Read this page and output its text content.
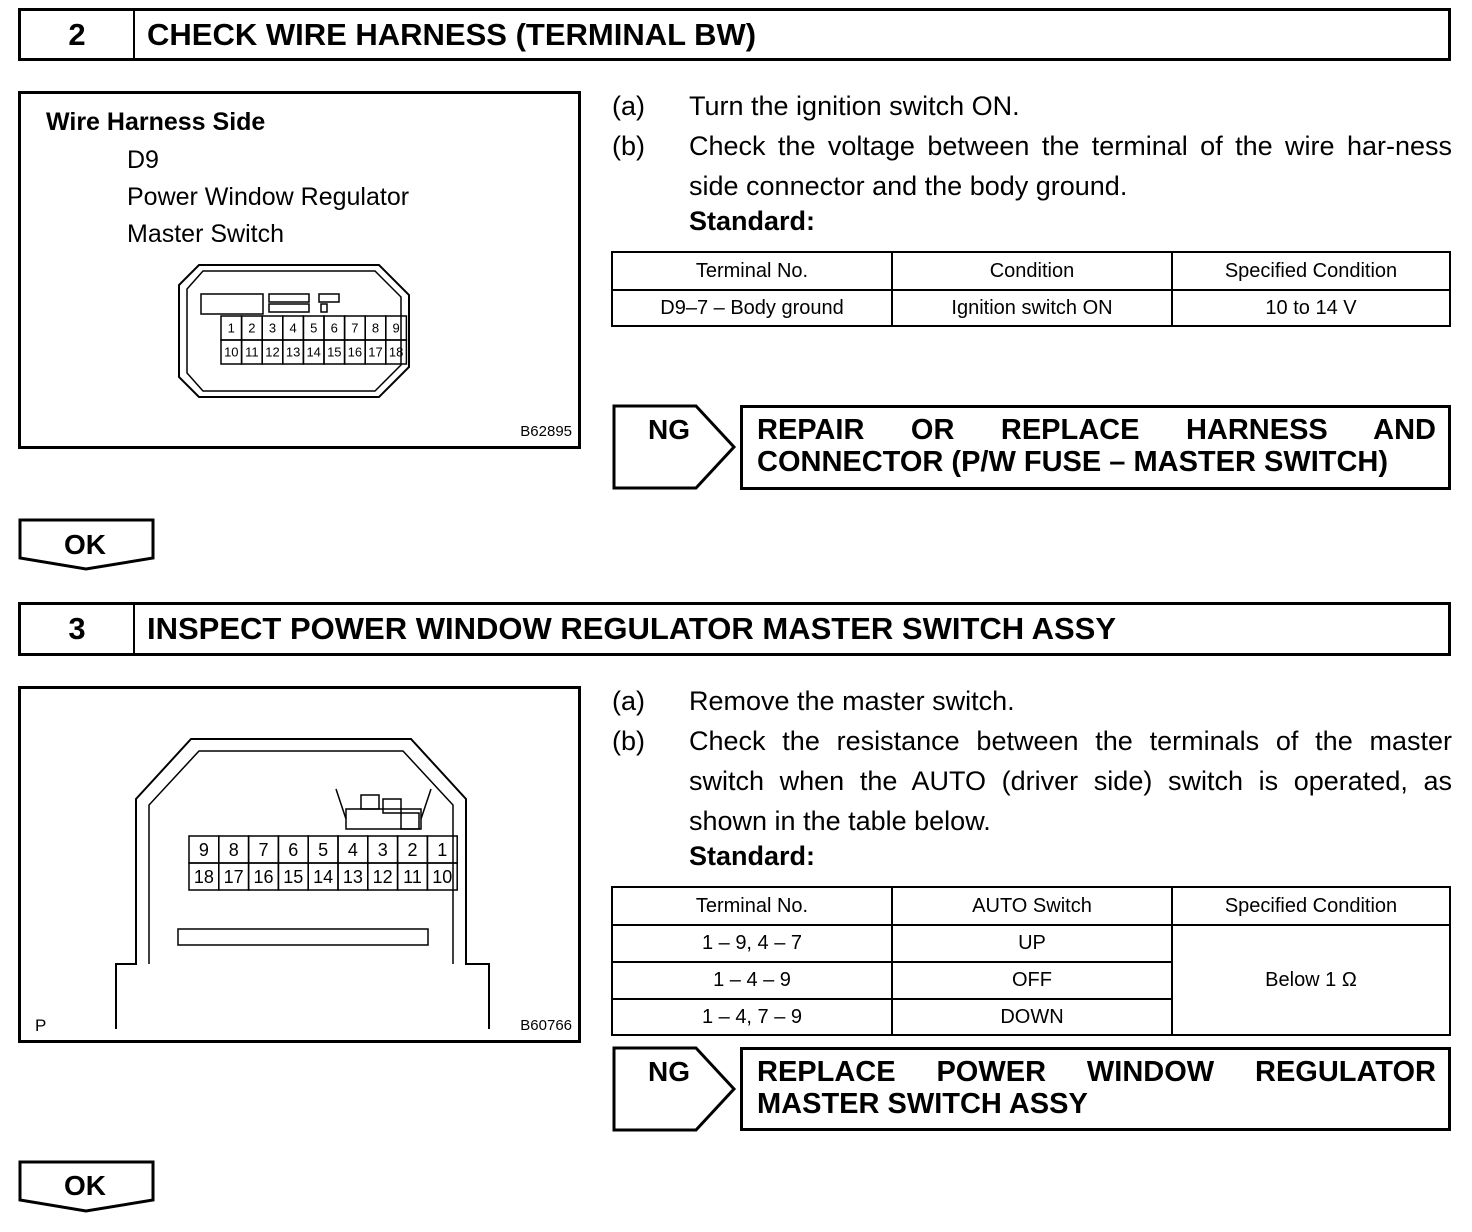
2	CHECK WIRE HARNESS (TERMINAL BW)
Wire Harness Side
D9
Power Window Regulator
Master Switch
1 2 3 4 5 6 7 8 9
10 11 12 13 14 15 16 17 18
B62895
(a)	Turn the ignition switch ON.
(b)	Check the voltage between the terminal of the wire har-ness side connector and the body ground.
Standard:
Terminal No.	Condition	Specified Condition
D9–7 – Body ground	Ignition switch ON	10 to 14 V
NG REPAIR OR REPLACE HARNESS AND
CONNECTOR (P/W FUSE – MASTER SWITCH)
OK
3	INSPECT POWER WINDOW REGULATOR MASTER SWITCH ASSY
9 8 7 6 5 4 3 2 1
18 17 16 15 14 13 12 11 10
P	B60766
(a)	Remove the master switch.
(b)	Check the resistance between the terminals of the master switch when the AUTO (driver side) switch is operated, as shown in the table below.
Standard:
Terminal No.	AUTO Switch	Specified Condition
1 – 9, 4 – 7	UP	Below 1 Ω
1 – 4 – 9	OFF	
1 – 4, 7 – 9	DOWN	
NG REPLACE POWER WINDOW REGULATOR
MASTER SWITCH ASSY
OK
